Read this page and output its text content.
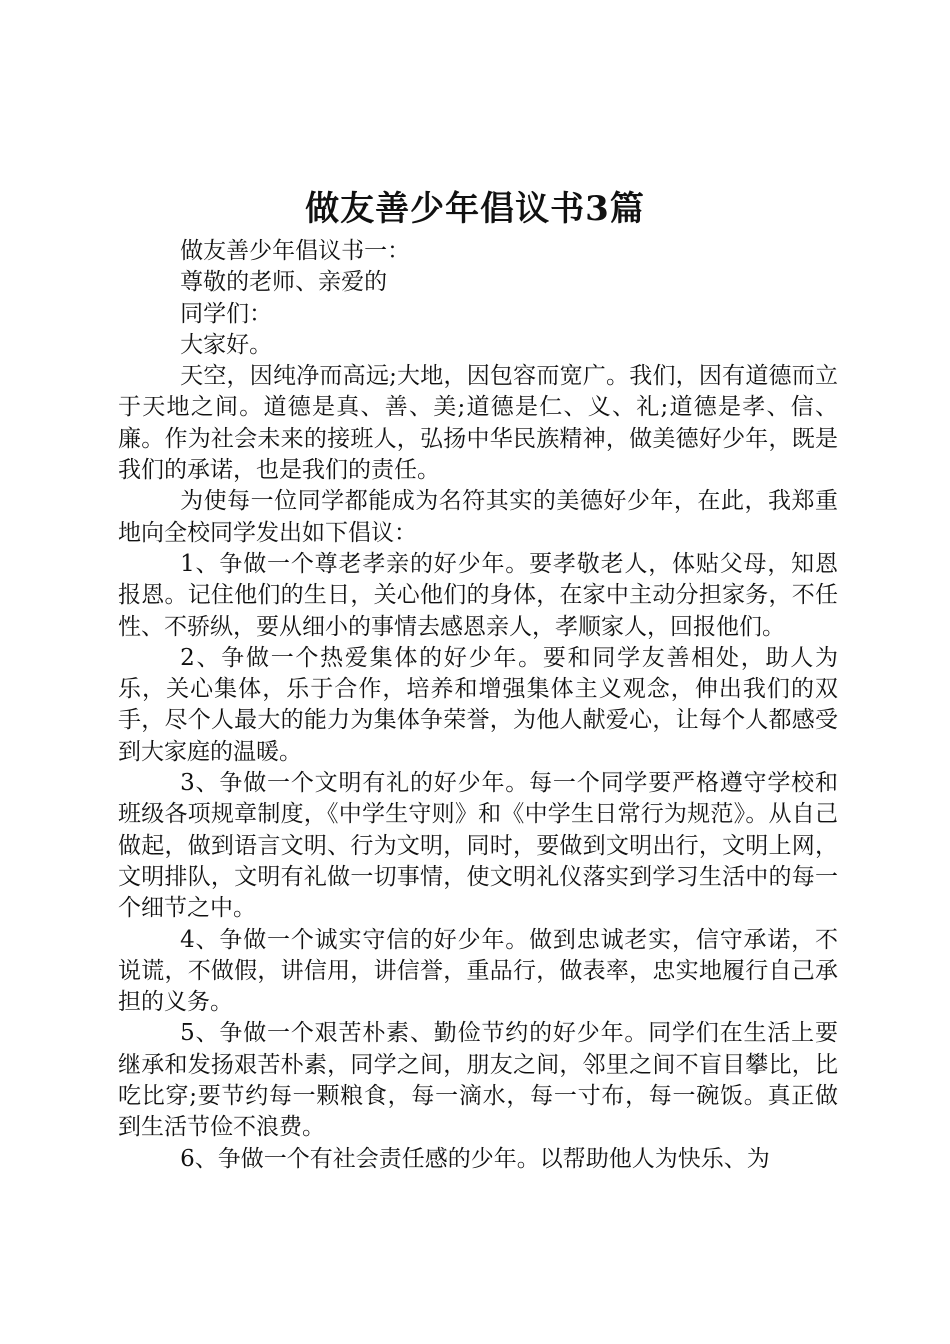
做友善少年倡议书3篇

做友善少年倡议书一：

尊敬的老师、亲爱的

同学们：

大家好。

天空，因纯净而高远;大地，因包容而宽广。我们，因有道德而立于天地之间。道德是真、善、美;道德是仁、义、礼;道德是孝、信、廉。作为社会未来的接班人，弘扬中华民族精神，做美德好少年，既是我们的承诺，也是我们的责任。

为使每一位同学都能成为名符其实的美德好少年，在此，我郑重地向全校同学发出如下倡议：

1、争做一个尊老孝亲的好少年。要孝敬老人，体贴父母，知恩报恩。记住他们的生日，关心他们的身体，在家中主动分担家务，不任性、不骄纵，要从细小的事情去感恩亲人，孝顺家人，回报他们。

2、争做一个热爱集体的好少年。要和同学友善相处，助人为乐，关心集体，乐于合作，培养和增强集体主义观念，伸出我们的双手，尽个人最大的能力为集体争荣誉，为他人献爱心，让每个人都感受到大家庭的温暖。

3、争做一个文明有礼的好少年。每一个同学要严格遵守学校和班级各项规章制度，《中学生守则》和《中学生日常行为规范》。从自己做起，做到语言文明、行为文明，同时，要做到文明出行，文明上网，文明排队，文明有礼做一切事情，使文明礼仪落实到学习生活中的每一个细节之中。

4、争做一个诚实守信的好少年。做到忠诚老实，信守承诺，不说谎，不做假，讲信用，讲信誉，重品行，做表率，忠实地履行自己承担的义务。

5、争做一个艰苦朴素、勤俭节约的好少年。同学们在生活上要继承和发扬艰苦朴素，同学之间，朋友之间，邻里之间不盲目攀比，比吃比穿;要节约每一颗粮食，每一滴水，每一寸布，每一碗饭。真正做到生活节俭不浪费。

6、争做一个有社会责任感的少年。以帮助他人为快乐、为
